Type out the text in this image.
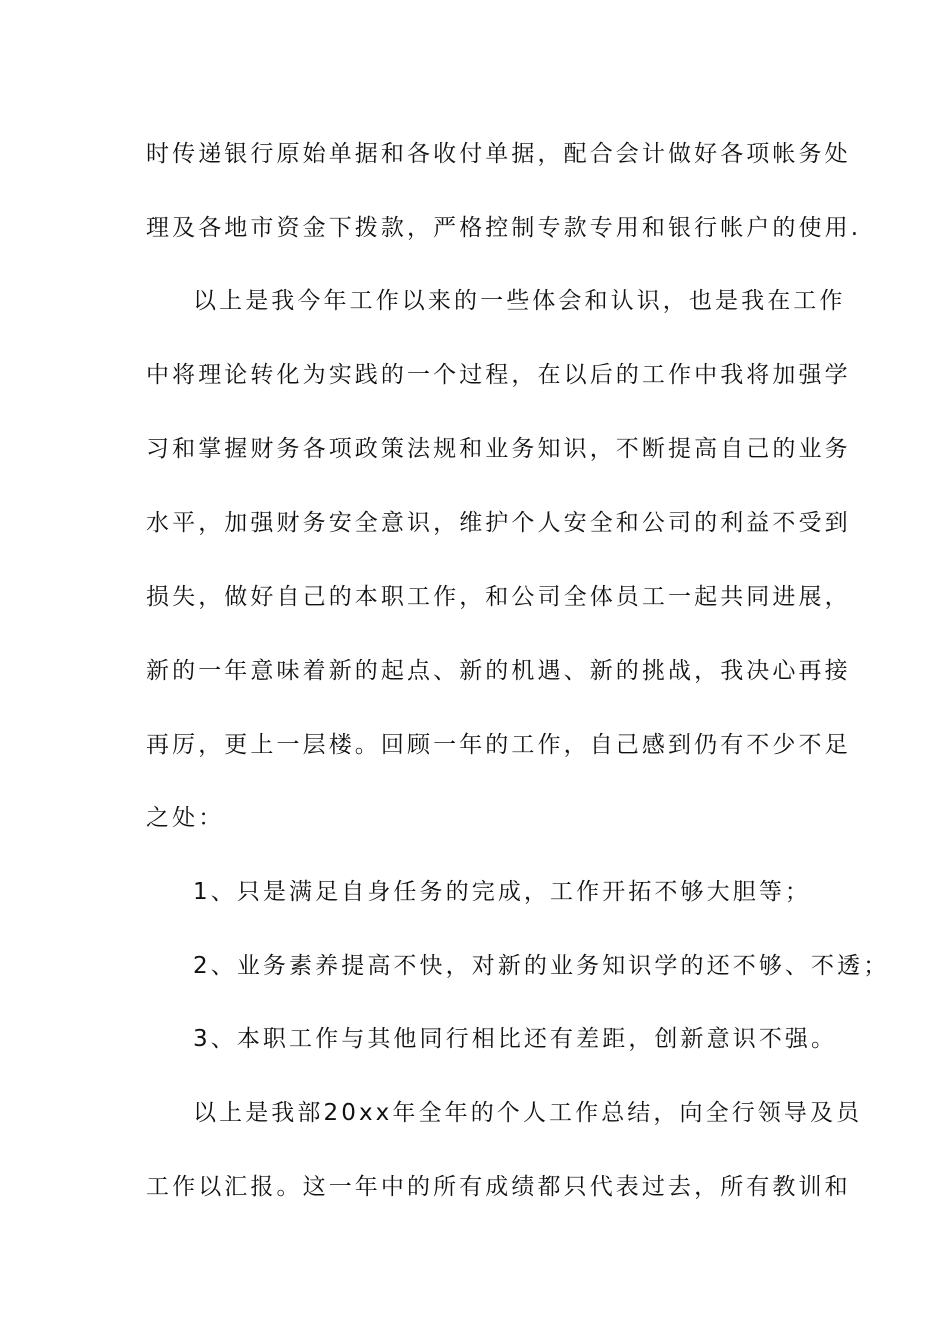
时传递银行原始单据和各收付单据，配合会计做好各项帐务处
理及各地市资金下拨款，严格控制专款专用和银行帐户的使用.
以上是我今年工作以来的一些体会和认识，也是我在工作
中将理论转化为实践的一个过程，在以后的工作中我将加强学
习和掌握财务各项政策法规和业务知识，不断提高自己的业务
水平，加强财务安全意识，维护个人安全和公司的利益不受到
损失，做好自己的本职工作，和公司全体员工一起共同进展，
新的一年意味着新的起点、新的机遇、新的挑战，我决心再接
再厉，更上一层楼。回顾一年的工作，自己感到仍有不少不足
之处：
1、只是满足自身任务的完成，工作开拓不够大胆等；
2、业务素养提高不快，对新的业务知识学的还不够、不透；
3、本职工作与其他同行相比还有差距，创新意识不强。
以上是我部20xx年全年的个人工作总结，向全行领导及员
工作以汇报。这一年中的所有成绩都只代表过去，所有教训和
